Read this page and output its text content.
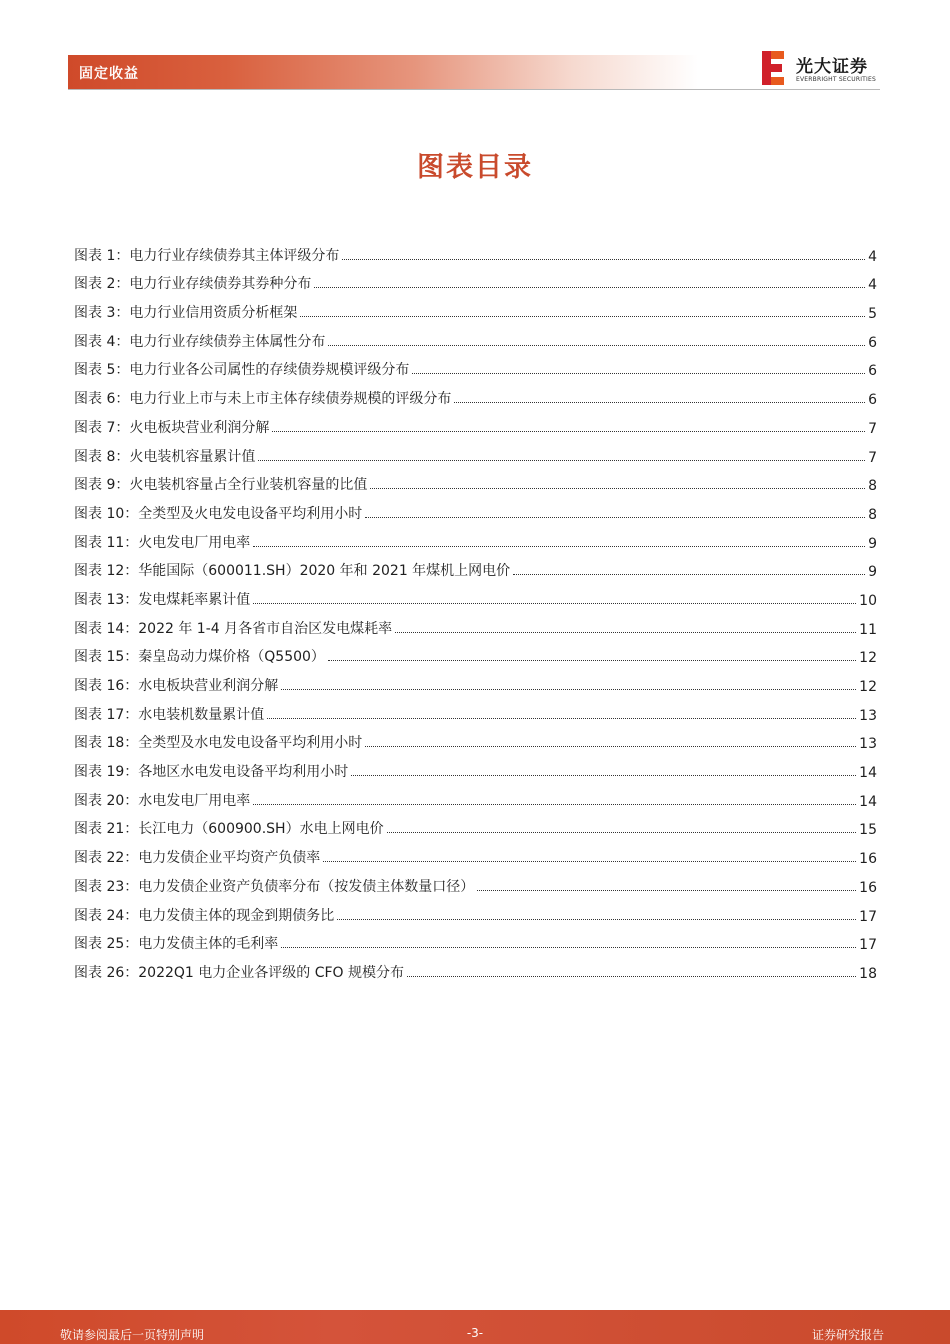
固定收益	光大证券
EVERBRIGHT SECURITIES
图表目录
图表 1：电力行业存续债券其主体评级分布	4
图表 2：电力行业存续债券其券种分布	4
图表 3：电力行业信用资质分析框架	5
图表 4：电力行业存续债券主体属性分布	6
图表 5：电力行业各公司属性的存续债券规模评级分布	6
图表 6：电力行业上市与未上市主体存续债券规模的评级分布	6
图表 7：火电板块营业利润分解	7
图表 8：火电装机容量累计值	7
图表 9：火电装机容量占全行业装机容量的比值	8
图表 10：全类型及火电发电设备平均利用小时	8
图表 11：火电发电厂用电率	9
图表 12：华能国际（600011.SH）2020 年和 2021 年煤机上网电价	9
图表 13：发电煤耗率累计值	10
图表 14：2022 年 1-4 月各省市自治区发电煤耗率	11
图表 15：秦皇岛动力煤价格（Q5500）	12
图表 16：水电板块营业利润分解	12
图表 17：水电装机数量累计值	13
图表 18：全类型及水电发电设备平均利用小时	13
图表 19：各地区水电发电设备平均利用小时	14
图表 20：水电发电厂用电率	14
图表 21：长江电力（600900.SH）水电上网电价	15
图表 22：电力发债企业平均资产负债率	16
图表 23：电力发债企业资产负债率分布（按发债主体数量口径）	16
图表 24：电力发债主体的现金到期债务比	17
图表 25：电力发债主体的毛利率	17
图表 26：2022Q1 电力企业各评级的 CFO 规模分布	18
敬请参阅最后一页特别声明	-3-	证券研究报告
